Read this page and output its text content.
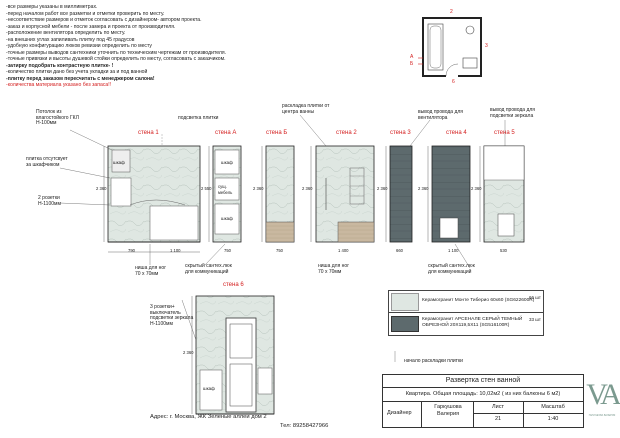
-все размеры указаны в миллиметрах.
-перед началом работ все разметки и отметки проверить по месту.
-несоответствие размеров и отметок согласовать с дизайнером- автором проекта.
-заказ и корпусной мебели - после замера и проекта от производителя.
-расположение вентилятора определить по месту.
-на внешних углах запиливать плитку под 45 градусов
-удобную конфигурацию люков ревизии определить по месту
-точные размеры выводов сантехники уточнить по техническим чертежам от производителя.
-точные привязки и высоты душевой стойки определить по месту, согласовать с заказчиком.
-затирку подобрать контрастную плитке- !
-количество плитки дано без учета укладки за и под ванной
-плитку перед заказом пересчитать с менеджером салона!
-количества материала указано без запаса!!
2
А
Б
3
6
стена 1	стена А	стена Б	стена 2	стена 3	стена 4	стена 5
стена 6
Потолок из
влагостойкого ГКЛ
Н-100мм
плитка отсутсвует
за шкафчиком
2 розетки
Н-1100мм
ниша для ног
70 х 70мм
скрытый сантех.люк
для коммуникаций
подсветка плитки
раскладка плитки от
центра ванны	вывод провода для
вентилятора
вывод провода для
подсветки зеркала
3 розетки+
выключатель
подсветки зеркала
Н-1100мм
скрытый сантех.люк
для коммуникаций
ниша для ног
70 х 70мм
начало раскладки плитки
шкаф	шкаф
шкаф
сущ.
мебель
шкаф
2 360	2 550	2 360	2 360	2 360	2 360	2 360
2 360
790	1 100	750	750	1 400	660	1 100	530
Керамогранит Монте Тиберио 60х60 (SG622600R)
66 шт
Керамогранит АРСЕНАЛЕ СЕРЫЙ ТЕМНЫЙ
ОБРЕЗНОЙ 20Х119,5Х11 (SG516100R)
33 шт
Развертка стен ванной
Квартира. Общая площадь: 10,02м2 ( из них балконы 6 м2)
Дизайнер
Гаркушова
Валерия
Лист
21
Масштаб
1:40
Адрес: г. Москва, ЖК Зеленые аллеи дом 2
Тел: 89258427966
VA
ГАРКУШОВА ВАЛЕРИЯ
